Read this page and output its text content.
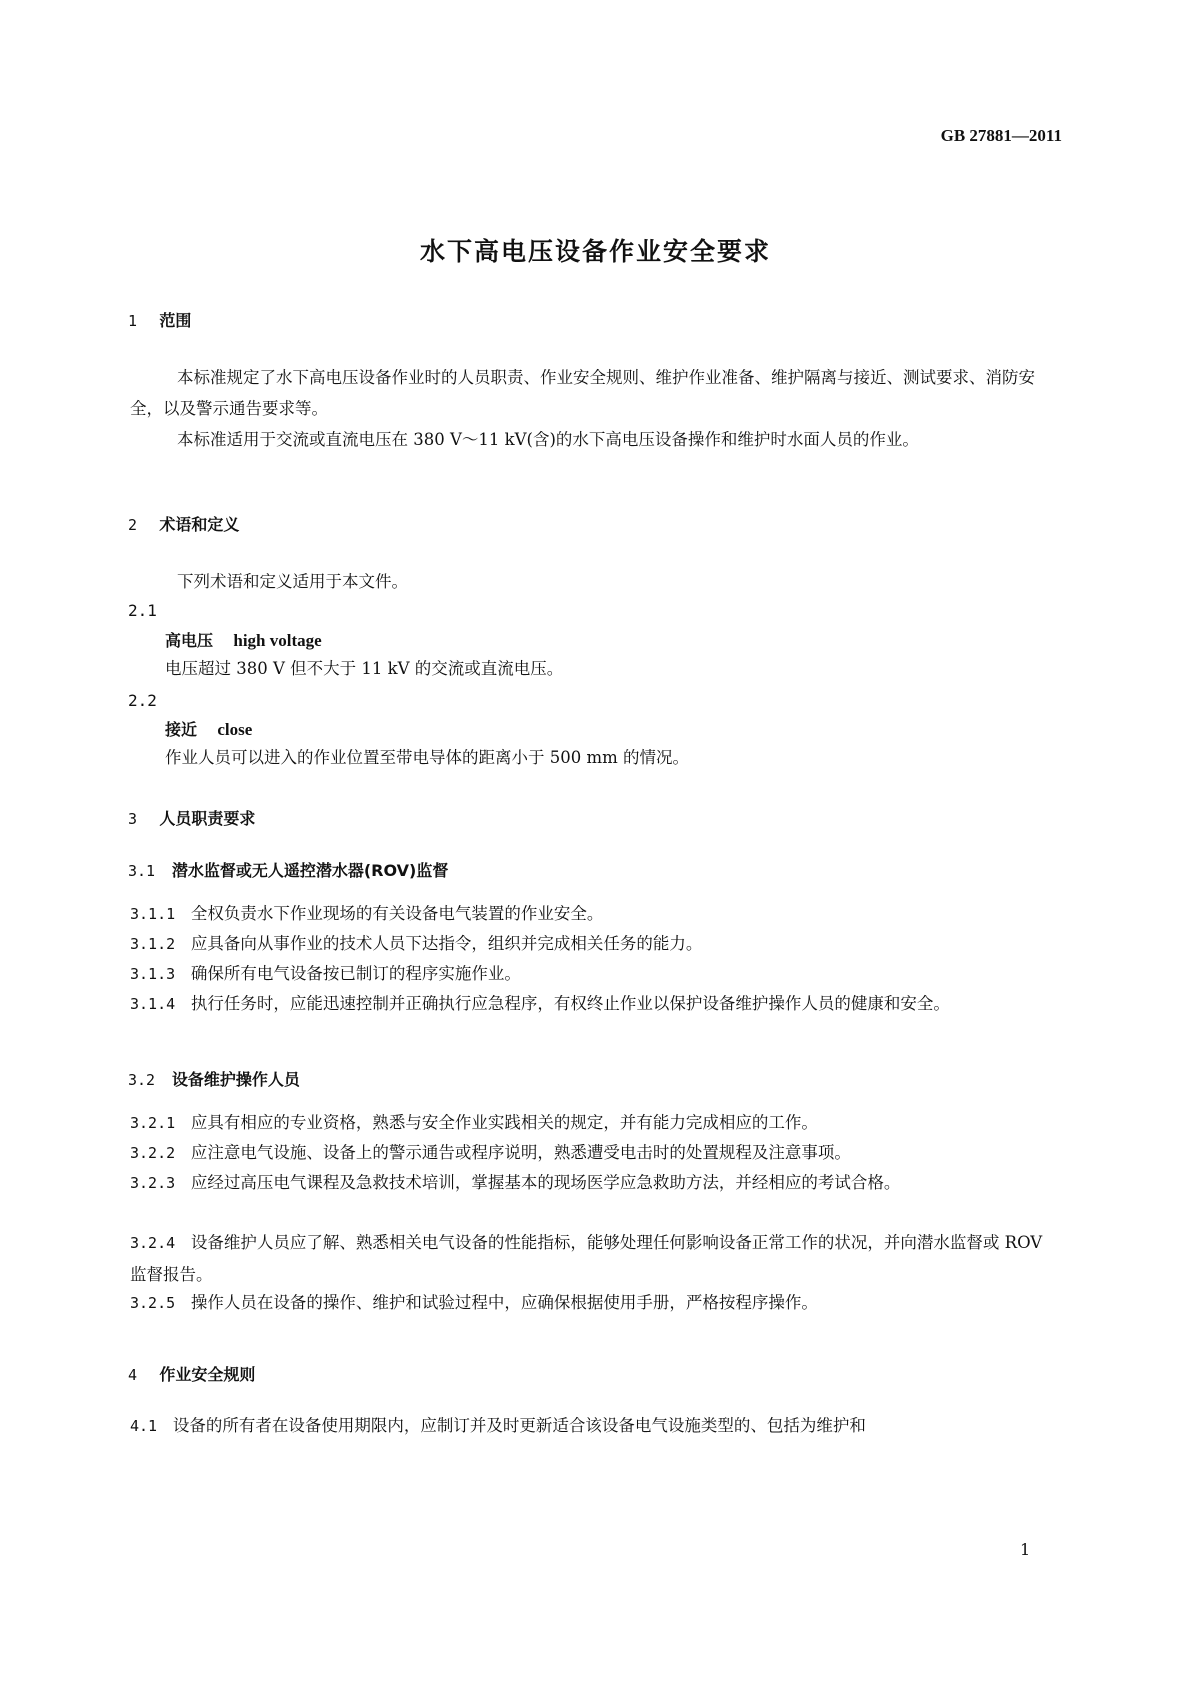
GB 27881—2011
水下高电压设备作业安全要求
1 范围
本标准规定了水下高电压设备作业时的人员职责、作业安全规则、维护作业准备、维护隔离与接近、测试要求、消防安全，以及警示通告要求等。
本标准适用于交流或直流电压在 380 V～11 kV(含)的水下高电压设备操作和维护时水面人员的作业。
2 术语和定义
下列术语和定义适用于本文件。
2.1
高电压 high voltage
电压超过 380 V 但不大于 11 kV 的交流或直流电压。
2.2
接近 close
作业人员可以进入的作业位置至带电导体的距离小于 500 mm 的情况。
3 人员职责要求
3.1 潜水监督或无人遥控潜水器(ROV)监督
3.1.1 全权负责水下作业现场的有关设备电气装置的作业安全。
3.1.2 应具备向从事作业的技术人员下达指令，组织并完成相关任务的能力。
3.1.3 确保所有电气设备按已制订的程序实施作业。
3.1.4 执行任务时，应能迅速控制并正确执行应急程序，有权终止作业以保护设备维护操作人员的健康和安全。
3.2 设备维护操作人员
3.2.1 应具有相应的专业资格，熟悉与安全作业实践相关的规定，并有能力完成相应的工作。
3.2.2 应注意电气设施、设备上的警示通告或程序说明，熟悉遭受电击时的处置规程及注意事项。
3.2.3 应经过高压电气课程及急救技术培训，掌握基本的现场医学应急救助方法，并经相应的考试合格。
3.2.4 设备维护人员应了解、熟悉相关电气设备的性能指标，能够处理任何影响设备正常工作的状况，并向潜水监督或 ROV 监督报告。
3.2.5 操作人员在设备的操作、维护和试验过程中，应确保根据使用手册，严格按程序操作。
4 作业安全规则
4.1 设备的所有者在设备使用期限内，应制订并及时更新适合该设备电气设施类型的、包括为维护和
1
